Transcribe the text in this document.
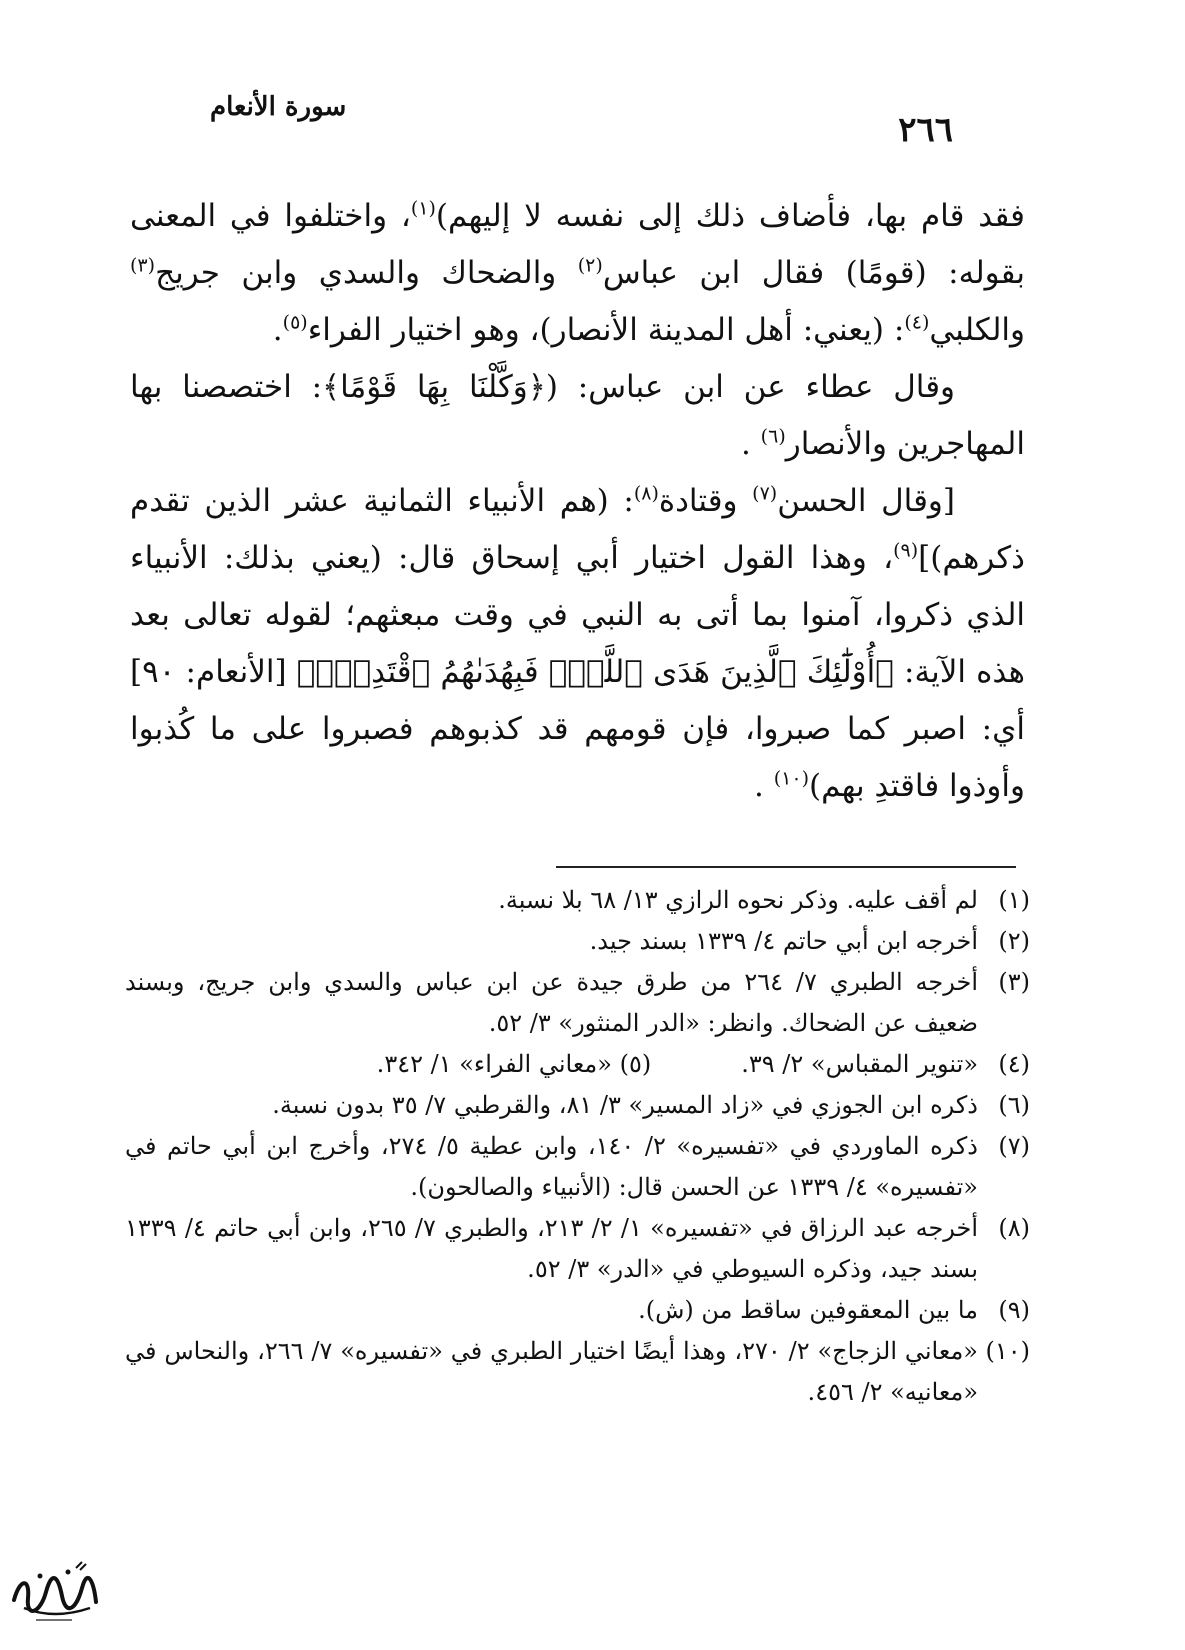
٢٦٦
سورة الأنعام

فقد قام بها، فأضاف ذلك إلى نفسه لا إليهم)$^{(١)}$، واختلفوا في المعنى بقوله: (قومًا) فقال ابن عباس$^{(٢)}$ والضحاك والسدي وابن جريج$^{(٣)}$ والكلبي$^{(٤)}$: (يعني: أهل المدينة الأنصار)، وهو اختيار الفراء$^{(٥)}$.

وقال عطاء عن ابن عباس: (﴿وَكَّلْنَا بِهَا قَوْمًا﴾: اختصصنا بها المهاجرين والأنصار$^{(٦)}$ .

[وقال الحسن$^{(٧)}$ وقتادة$^{(٨)}$: (هم الأنبياء الثمانية عشر الذين تقدم ذكرهم)]$^{(٩)}$، وهذا القول اختيار أبي إسحاق قال: (يعني بذلك: الأنبياء الذي ذكروا، آمنوا بما أتى به النبي في وقت مبعثهم؛ لقوله تعالى بعد هذه الآية: ﴿أُوْلَٰٓئِكَ ٱلَّذِينَ هَدَى ٱللَّهُۖ فَبِهُدَىٰهُمُ ٱقْتَدِهْۗ﴾ [الأنعام: ٩٠] أي: اصبر كما صبروا، فإن قومهم قد كذبوهم فصبروا على ما كُذبوا وأوذوا فاقتدِ بهم)$^{(١٠)}$ .

(١)
لم أقف عليه. وذكر نحوه الرازي ١٣/ ٦٨ بلا نسبة.
(٢)
أخرجه ابن أبي حاتم ٤/ ١٣٣٩ بسند جيد.
(٣)
أخرجه الطبري ٧/ ٢٦٤ من طرق جيدة عن ابن عباس والسدي وابن جريج، وبسند ضعيف عن الضحاك. وانظر: «الدر المنثور» ٣/ ٥٢.
(٤)
«تنوير المقباس» ٢/ ٣٩.(٥) «معاني الفراء» ١/ ٣٤٢.
(٦)
ذكره ابن الجوزي في «زاد المسير» ٣/ ٨١، والقرطبي ٧/ ٣٥ بدون نسبة.
(٧)
ذكره الماوردي في «تفسيره» ٢/ ١٤٠، وابن عطية ٥/ ٢٧٤، وأخرج ابن أبي حاتم في «تفسيره» ٤/ ١٣٣٩ عن الحسن قال: (الأنبياء والصالحون).
(٨)
أخرجه عبد الرزاق في «تفسيره» ١/ ٢/ ٢١٣، والطبري ٧/ ٢٦٥، وابن أبي حاتم ٤/ ١٣٣٩ بسند جيد، وذكره السيوطي في «الدر» ٣/ ٥٢.
(٩)
ما بين المعقوفين ساقط من (ش).
(١٠)
«معاني الزجاج» ٢/ ٢٧٠، وهذا أيضًا اختيار الطبري في «تفسيره» ٧/ ٢٦٦، والنحاس في «معانيه» ٢/ ٤٥٦.
